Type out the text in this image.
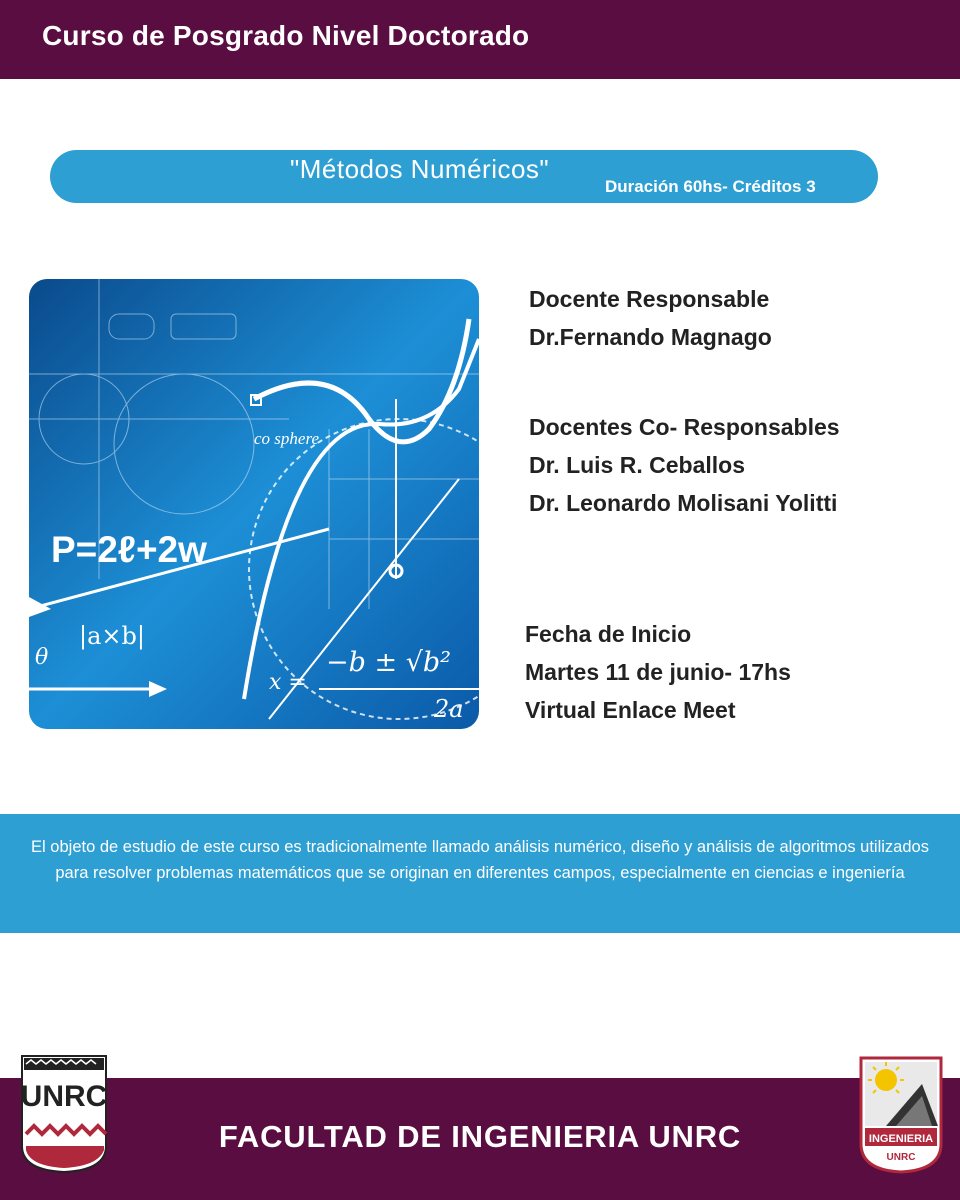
Curso de Posgrado Nivel Doctorado
"Métodos Numéricos"
Duración 60hs- Créditos 3
P=2ℓ+2w
|a×b|
θ
co sphere
x =
−b ± √b²
2a
Docente Responsable
Dr.Fernando Magnago
Docentes Co- Responsables
Dr. Luis R. Ceballos
Dr. Leonardo Molisani Yolitti
Fecha de Inicio
Martes 11 de junio- 17hs
Virtual Enlace Meet
El objeto de estudio de este curso es tradicionalmente llamado análisis numérico, diseño y análisis de algoritmos utilizados para resolver problemas matemáticos que se originan en diferentes campos, especialmente en ciencias e ingeniería
FACULTAD DE INGENIERIA UNRC
UNRC
INGENIERIA
UNRC
